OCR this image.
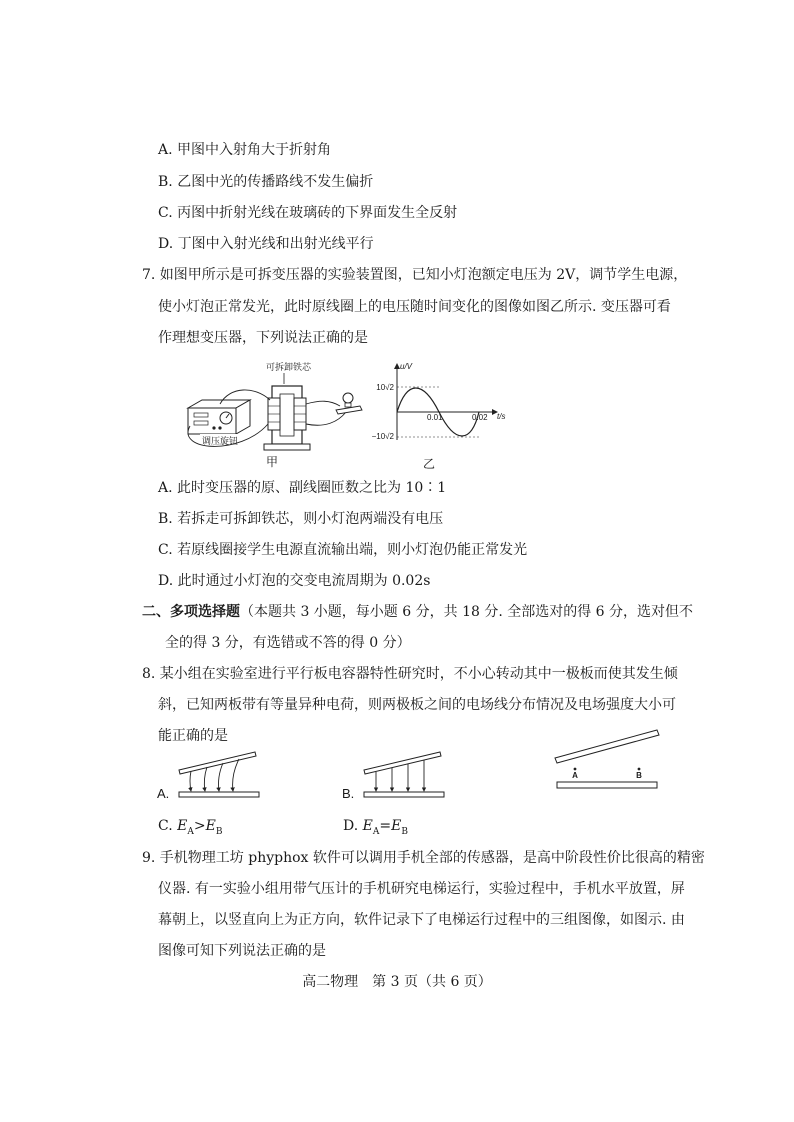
A. 甲图中入射角大于折射角
B. 乙图中光的传播路线不发生偏折
C. 丙图中折射光线在玻璃砖的下界面发生全反射
D. 丁图中入射光线和出射光线平行
7. 如图甲所示是可拆变压器的实验装置图，已知小灯泡额定电压为 2V，调节学生电源，
使小灯泡正常发光，此时原线圈上的电压随时间变化的图像如图乙所示. 变压器可看
作理想变压器，下列说法正确的是
可拆卸铁芯
调压旋钮
甲
u/V
t/s
10√2
−10√2
0.01	0.02
乙
A. 此时变压器的原、副线圈匝数之比为 10∶1
B. 若拆走可拆卸铁芯，则小灯泡两端没有电压
C. 若原线圈接学生电源直流输出端，则小灯泡仍能正常发光
D. 此时通过小灯泡的交变电流周期为 0.02s
二、多项选择题（本题共 3 小题，每小题 6 分，共 18 分. 全部选对的得 6 分，选对但不
全的得 3 分，有选错或不答的得 0 分）
8. 某小组在实验室进行平行板电容器特性研究时，不小心转动其中一极板而使其发生倾
斜，已知两板带有等量异种电荷，则两极板之间的电场线分布情况及电场强度大小可
能正确的是
A.	B.
A	B
C. $E_A>E_B$	D. $E_A=E_B$
9. 手机物理工坊 phyphox 软件可以调用手机全部的传感器，是高中阶段性价比很高的精密
仪器. 有一实验小组用带气压计的手机研究电梯运行，实验过程中，手机水平放置，屏
幕朝上，以竖直向上为正方向，软件记录下了电梯运行过程中的三组图像，如图示. 由
图像可知下列说法正确的是
高二物理　第 3 页（共 6 页）
